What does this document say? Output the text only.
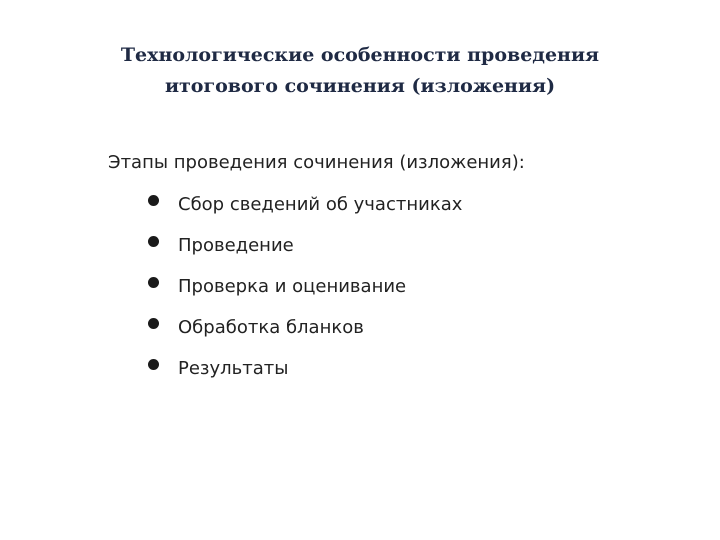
Технологические особенности проведения
итогового сочинения (изложения)
Этапы проведения сочинения (изложения):
Сбор сведений об участниках
Проведение
Проверка и оценивание
Обработка бланков
Результаты
